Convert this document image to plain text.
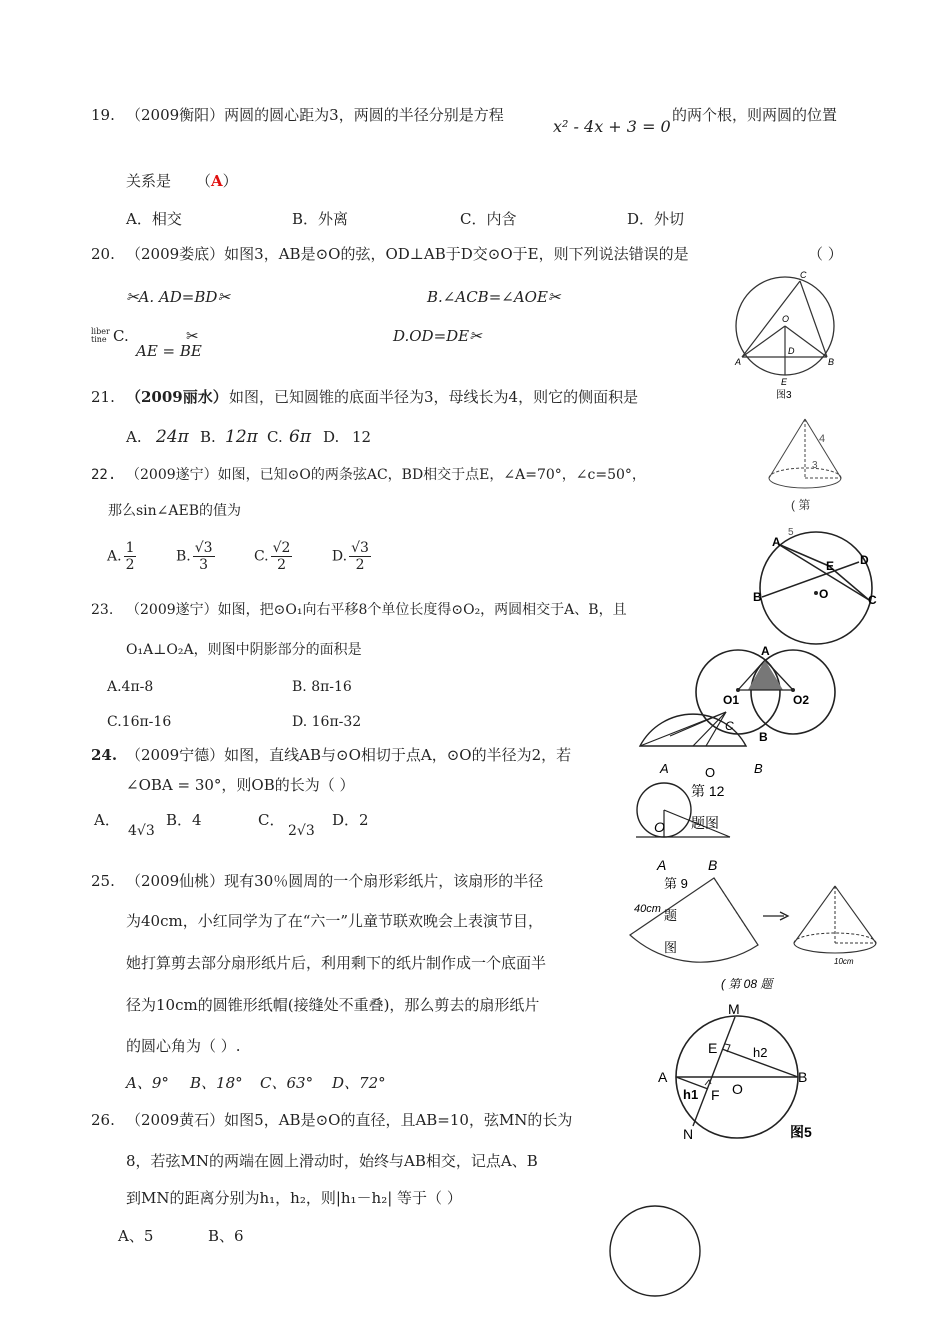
19. （2009衡阳）两圆的圆心距为3，两圆的半径分别是方程
x² - 4x + 3 = 0
的两个根，则两圆的位置
关系是 （A）
A．相交	B．外离	C．内含	D．外切
20. （2009娄底）如图3，AB是⊙O的弦，OD⊥AB于D交⊙O于E，则下列说法错误的是	（ ）
✂A. AD=BD✂	B.∠ACB=∠AOE✂
liber
tine C.
AE = BE
✂	D.OD=DE✂
C
O
A
D
B
E
图3
21. （2009丽水） 如图，已知圆锥的底面半径为3，母线长为4，则它的侧面积是
A. 24π B. 12π C. 6π D. 12	4
3
( 第
22. （2009遂宁）如图，已知⊙O的两条弦AC，BD相交于点E，∠A=70°，∠c=50°，
那么sin∠AEB的值为
A. $\frac{1}{2}$	B. $\frac{√3}{3}$	C. $\frac{√2}{2}$	D. $\frac{√3}{2}$
5
A
D
E
B	O	C
23. （2009遂宁）如图，把⊙O₁向右平移8个单位长度得⊙O₂，两圆相交于A、B，且
O₁A⊥O₂A，则图中阴影部分的面积是
A.4π-8	B. 8π-16
C.16π-16	D. 16π-32
A
O1	O2
B
24. （2009宁德）如图，直线AB与⊙O相切于点A，⊙O的半径为2，若
∠OBA = 30°，则OB的长为（ ）
A．
4√3
B． 4	C．
2√3
D． 2
C
A	O	B
O
A	B
第 12
题图
25. （2009仙桃）现有30％圆周的一个扇形彩纸片，该扇形的半径
为40cm，小红同学为了在“六一”儿童节联欢晚会上表演节目，
她打算剪去部分扇形纸片后，利用剩下的纸片制作成一个底面半
径为10cm的圆锥形纸帽(接缝处不重叠)，那么剪去的扇形纸片
的圆心角为（ ）.
A、9° B、18° C、63° D、72°
40cm
第 9
题
图
10cm
( 第 08 题
26. （2009黄石）如图5，AB是⊙O的直径，且AB=10，弦MN的长为
8，若弦MN的两端在圆上滑动时，始终与AB相交，记点A、B
到MN的距离分别为h₁，h₂，则|h₁－h₂| 等于（ ）
A、5	B、6
M
E	h2
A
O
B
h1 F
N	图5
